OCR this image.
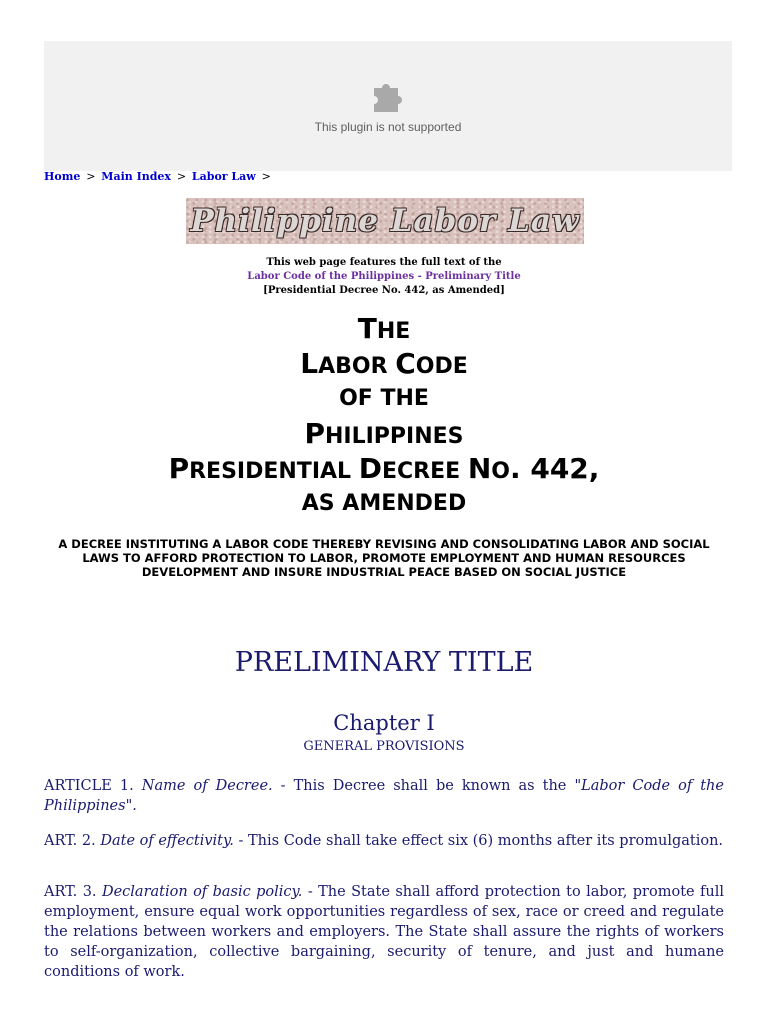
This plugin is not supported
Home > Main Index > Labor Law >
Philippine Labor Law
This web page features the full text of the
Labor Code of the Philippines - Preliminary Title
[Presidential Decree No. 442, as Amended]
THE
LABOR CODE
OF THE
PHILIPPINES
PRESIDENTIAL DECREE NO. 442,
AS AMENDED
A DECREE INSTITUTING A LABOR CODE THEREBY REVISING AND CONSOLIDATING LABOR AND SOCIAL LAWS TO AFFORD PROTECTION TO LABOR, PROMOTE EMPLOYMENT AND HUMAN RESOURCES DEVELOPMENT AND INSURE INDUSTRIAL PEACE BASED ON SOCIAL JUSTICE
PRELIMINARY TITLE
Chapter I
GENERAL PROVISIONS
ARTICLE 1. Name of Decree. - This Decree shall be known as the "Labor Code of the Philippines".
ART. 2. Date of effectivity. - This Code shall take effect six (6) months after its promulgation.
ART. 3. Declaration of basic policy. - The State shall afford protection to labor, promote full employment, ensure equal work opportunities regardless of sex, race or creed and regulate the relations between workers and employers. The State shall assure the rights of workers to self-organization, collective bargaining, security of tenure, and just and humane conditions of work.
